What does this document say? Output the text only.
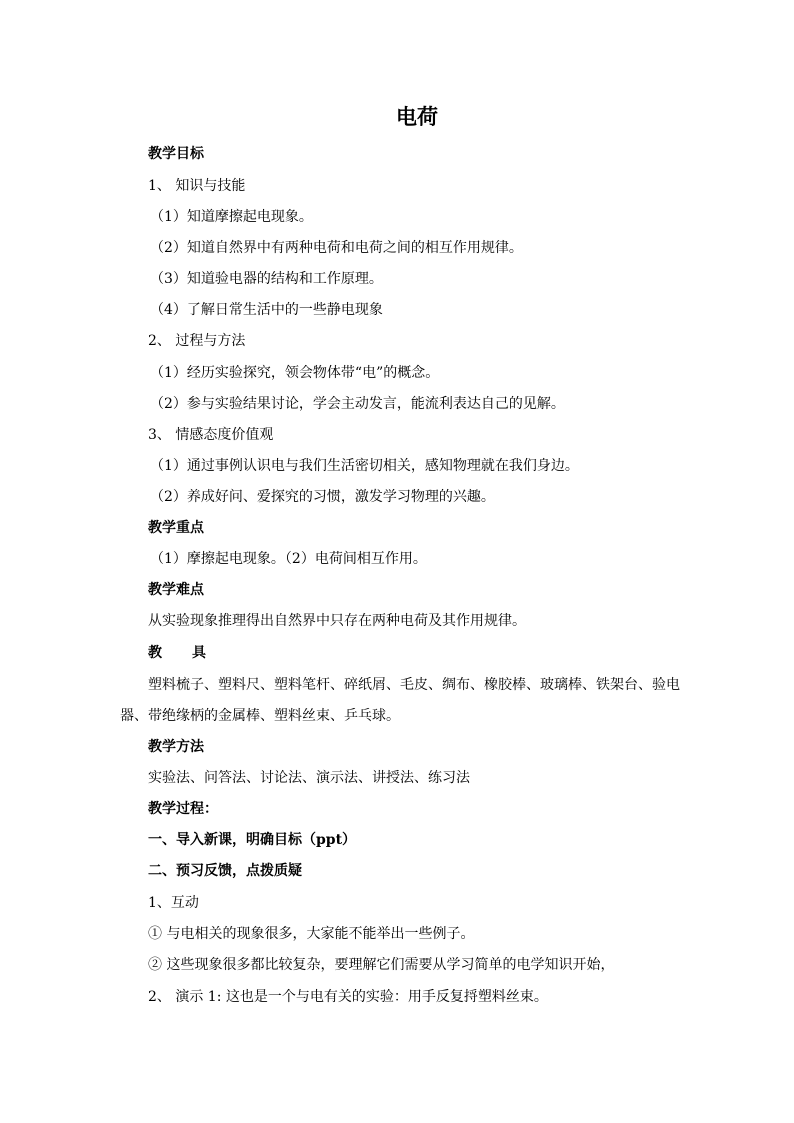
电荷
教学目标
1、 知识与技能
（1）知道摩擦起电现象。
（2）知道自然界中有两种电荷和电荷之间的相互作用规律。
（3）知道验电器的结构和工作原理。
（4）了解日常生活中的一些静电现象
2、 过程与方法
（1）经历实验探究，领会物体带“电”的概念。
（2）参与实验结果讨论，学会主动发言，能流利表达自己的见解。
3、 情感态度价值观
（1）通过事例认识电与我们生活密切相关，感知物理就在我们身边。
（2）养成好问、爱探究的习惯，激发学习物理的兴趣。
教学重点
（1）摩擦起电现象。（2）电荷间相互作用。
教学难点
从实验现象推理得出自然界中只存在两种电荷及其作用规律。
教 具
塑料梳子、塑料尺、塑料笔杆、碎纸屑、毛皮、绸布、橡胶棒、玻璃棒、铁架台、验电
器、带绝缘柄的金属棒、塑料丝束、乒乓球。
教学方法
实验法、问答法、讨论法、演示法、讲授法、练习法
教学过程：
一、导入新课，明确目标（ppt）
二、预习反馈，点拨质疑
1、互动
① 与电相关的现象很多，大家能不能举出一些例子。
② 这些现象很多都比较复杂，要理解它们需要从学习简单的电学知识开始，
2、 演示 1: 这也是一个与电有关的实验：用手反复捋塑料丝束。
